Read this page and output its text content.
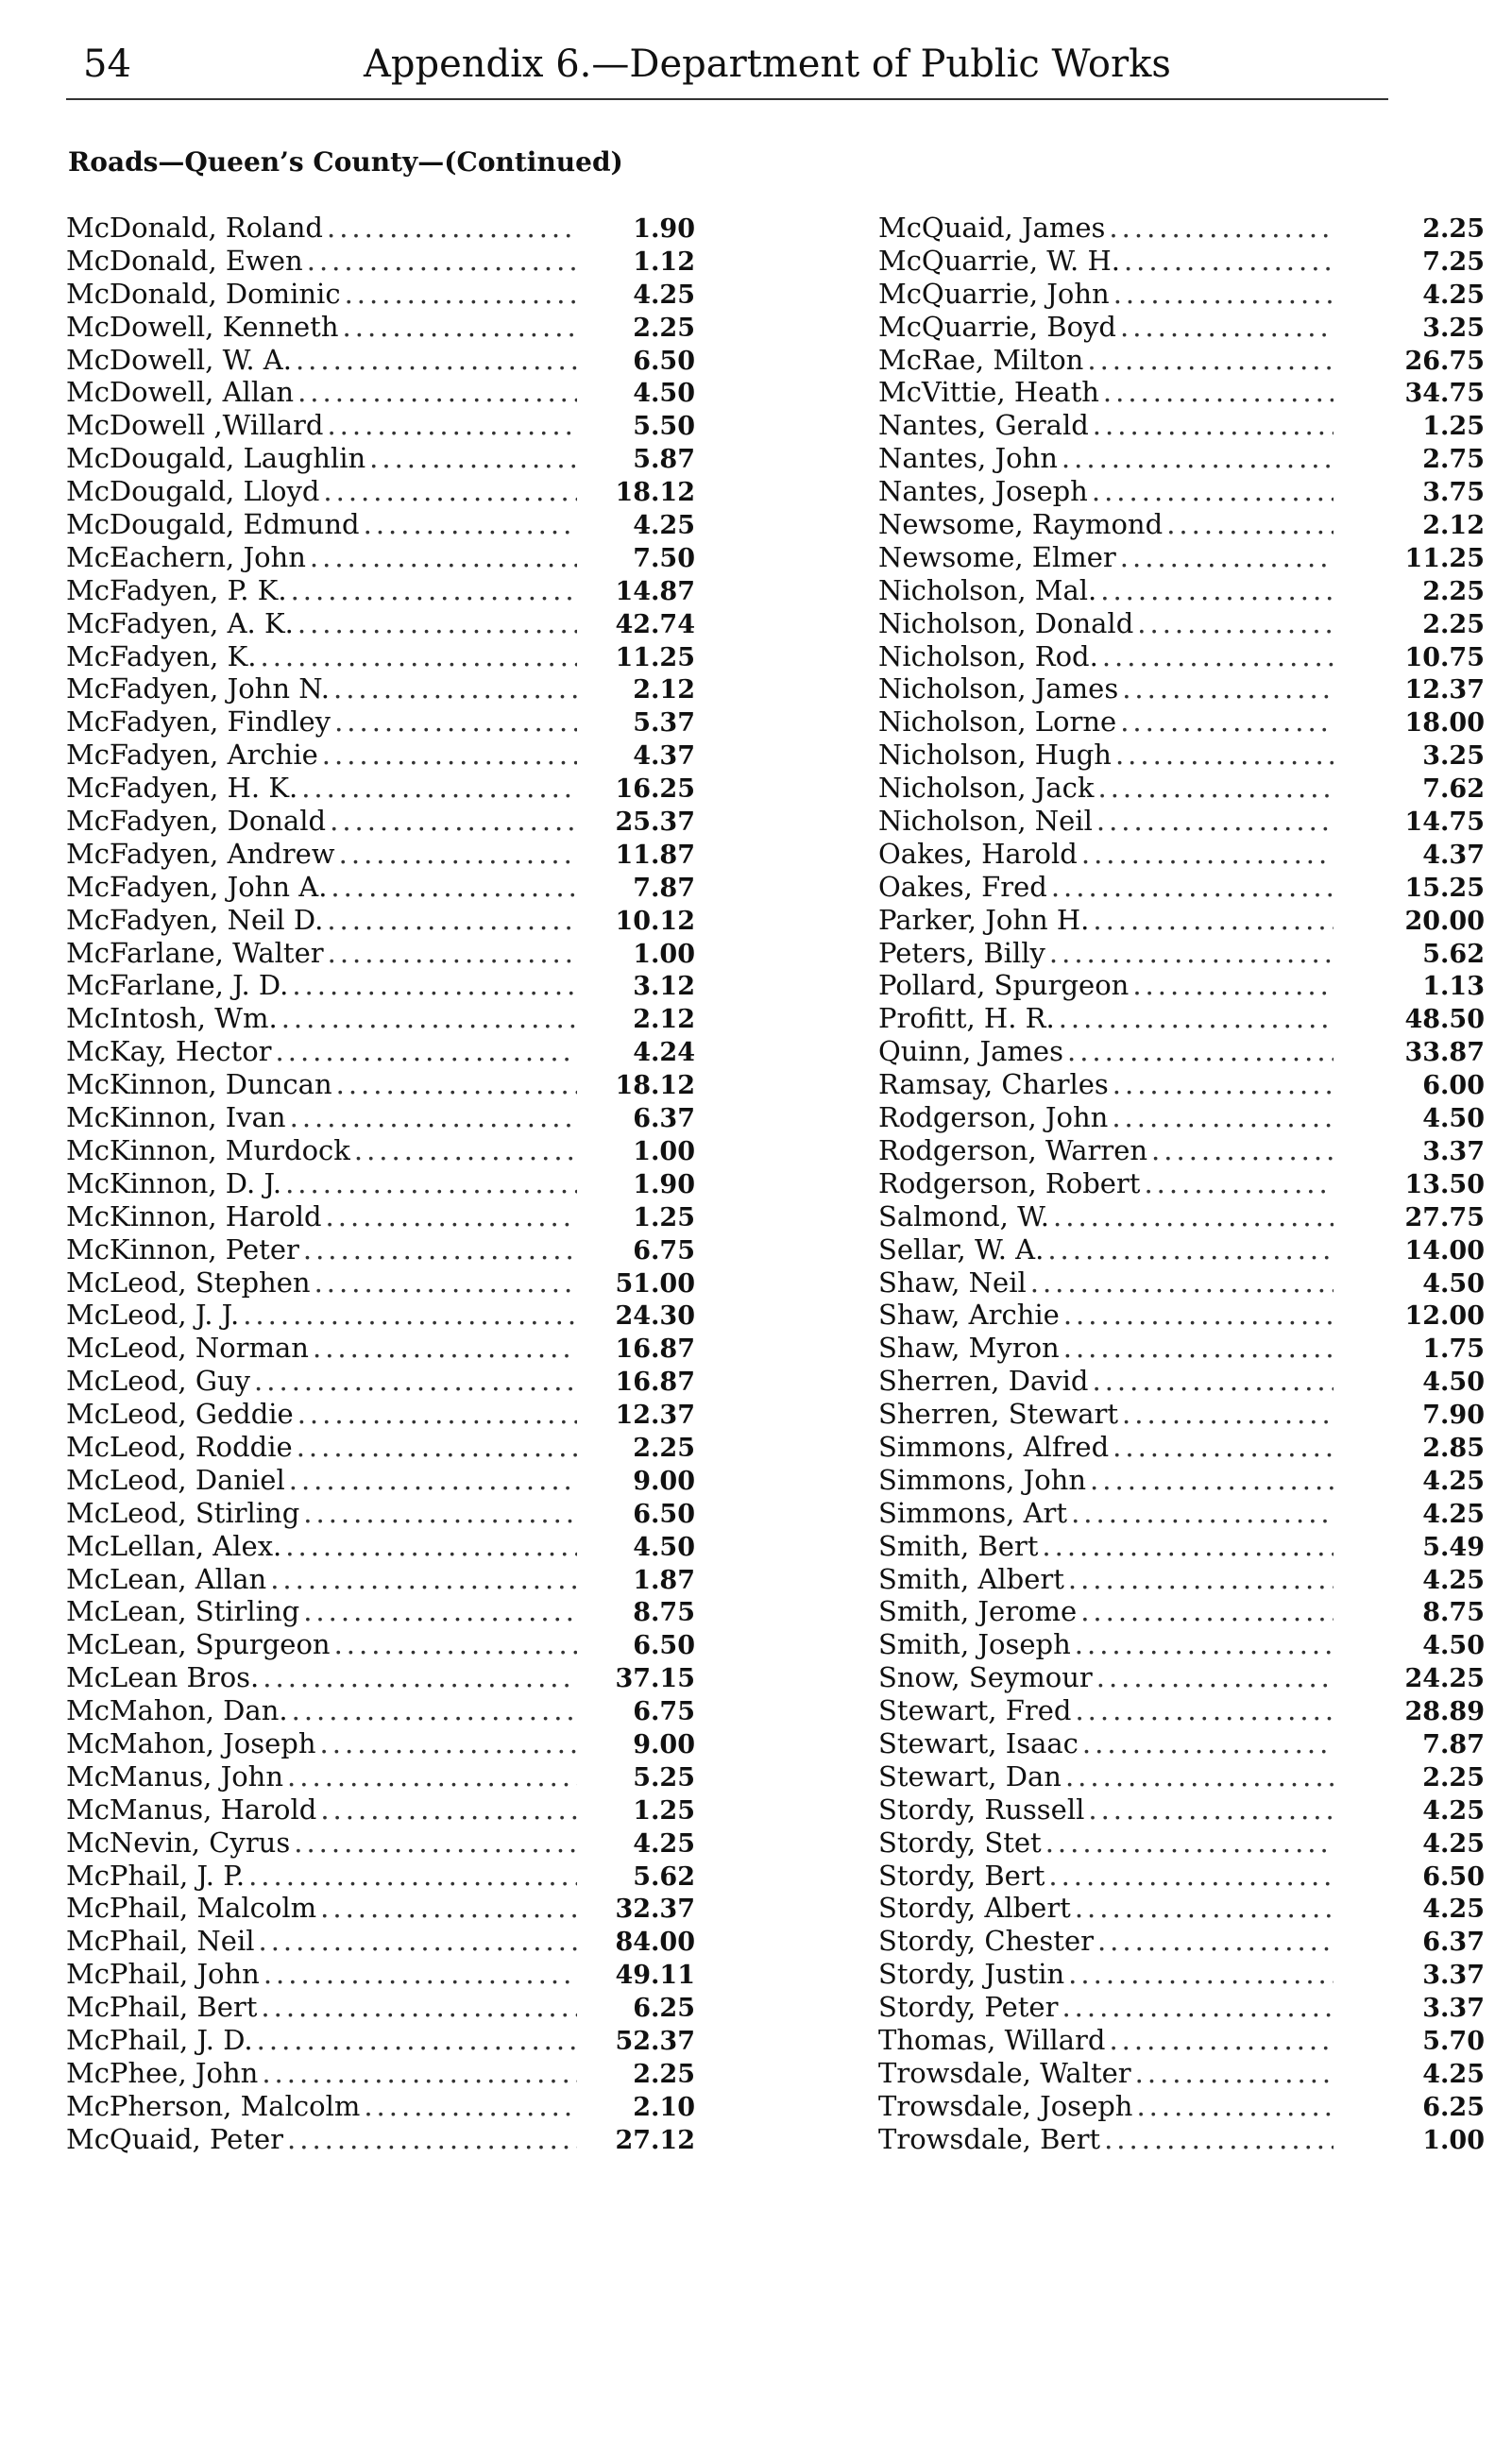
54	Appendix 6.—Department of Public Works
Roads—Queen’s County—(Continued)
McDonald, Roland .....	1.90
McDonald, Ewen .....	1.12
McDonald, Dominic .....	4.25
McDowell, Kenneth .....	2.25
McDowell, W. A. .....	6.50
McDowell, Allan .....	4.50
McDowell ,Willard .....	5.50
McDougald, Laughlin .....	5.87
McDougald, Lloyd .....	18.12
McDougald, Edmund .....	4.25
McEachern, John .....	7.50
McFadyen, P. K. .....	14.87
McFadyen, A. K. .....	42.74
McFadyen, K. .....	11.25
McFadyen, John N. .....	2.12
McFadyen, Findley .....	5.37
McFadyen, Archie .....	4.37
McFadyen, H. K. .....	16.25
McFadyen, Donald .....	25.37
McFadyen, Andrew .....	11.87
McFadyen, John A. .....	7.87
McFadyen, Neil D. .....	10.12
McFarlane, Walter .....	1.00
McFarlane, J. D. .....	3.12
McIntosh, Wm. .....	2.12
McKay, Hector .....	4.24
McKinnon, Duncan .....	18.12
McKinnon, Ivan .....	6.37
McKinnon, Murdock .....	1.00
McKinnon, D. J. .....	1.90
McKinnon, Harold .....	1.25
McKinnon, Peter .....	6.75
McLeod, Stephen .....	51.00
McLeod, J. J. .....	24.30
McLeod, Norman .....	16.87
McLeod, Guy .....	16.87
McLeod, Geddie .....	12.37
McLeod, Roddie .....	2.25
McLeod, Daniel .....	9.00
McLeod, Stirling .....	6.50
McLellan, Alex. .....	4.50
McLean, Allan .....	1.87
McLean, Stirling .....	8.75
McLean, Spurgeon .....	6.50
McLean Bros. .....	37.15
McMahon, Dan. .....	6.75
McMahon, Joseph .....	9.00
McManus, John .....	5.25
McManus, Harold .....	1.25
McNevin, Cyrus .....	4.25
McPhail, J. P. .....	5.62
McPhail, Malcolm .....	32.37
McPhail, Neil .....	84.00
McPhail, John .....	49.11
McPhail, Bert .....	6.25
McPhail, J. D. .....	52.37
McPhee, John .....	2.25
McPherson, Malcolm .....	2.10
McQuaid, Peter .....	27.12
McQuaid, James .....	2.25
McQuarrie, W. H. .....	7.25
McQuarrie, John .....	4.25
McQuarrie, Boyd .....	3.25
McRae, Milton .....	26.75
McVittie, Heath .....	34.75
Nantes, Gerald .....	1.25
Nantes, John .....	2.75
Nantes, Joseph .....	3.75
Newsome, Raymond .....	2.12
Newsome, Elmer .....	11.25
Nicholson, Mal. .....	2.25
Nicholson, Donald .....	2.25
Nicholson, Rod. .....	10.75
Nicholson, James .....	12.37
Nicholson, Lorne .....	18.00
Nicholson, Hugh .....	3.25
Nicholson, Jack .....	7.62
Nicholson, Neil .....	14.75
Oakes, Harold .....	4.37
Oakes, Fred .....	15.25
Parker, John H. .....	20.00
Peters, Billy .....	5.62
Pollard, Spurgeon .....	1.13
Profitt, H. R. .....	48.50
Quinn, James .....	33.87
Ramsay, Charles .....	6.00
Rodgerson, John .....	4.50
Rodgerson, Warren .....	3.37
Rodgerson, Robert .....	13.50
Salmond, W. .....	27.75
Sellar, W. A. .....	14.00
Shaw, Neil .....	4.50
Shaw, Archie .....	12.00
Shaw, Myron .....	1.75
Sherren, David .....	4.50
Sherren, Stewart .....	7.90
Simmons, Alfred .....	2.85
Simmons, John .....	4.25
Simmons, Art .....	4.25
Smith, Bert .....	5.49
Smith, Albert .....	4.25
Smith, Jerome .....	8.75
Smith, Joseph .....	4.50
Snow, Seymour .....	24.25
Stewart, Fred .....	28.89
Stewart, Isaac .....	7.87
Stewart, Dan .....	2.25
Stordy, Russell .....	4.25
Stordy, Stet .....	4.25
Stordy, Bert .....	6.50
Stordy, Albert .....	4.25
Stordy, Chester .....	6.37
Stordy, Justin .....	3.37
Stordy, Peter .....	3.37
Thomas, Willard .....	5.70
Trowsdale, Walter .....	4.25
Trowsdale, Joseph .....	6.25
Trowsdale, Bert .....	1.00
